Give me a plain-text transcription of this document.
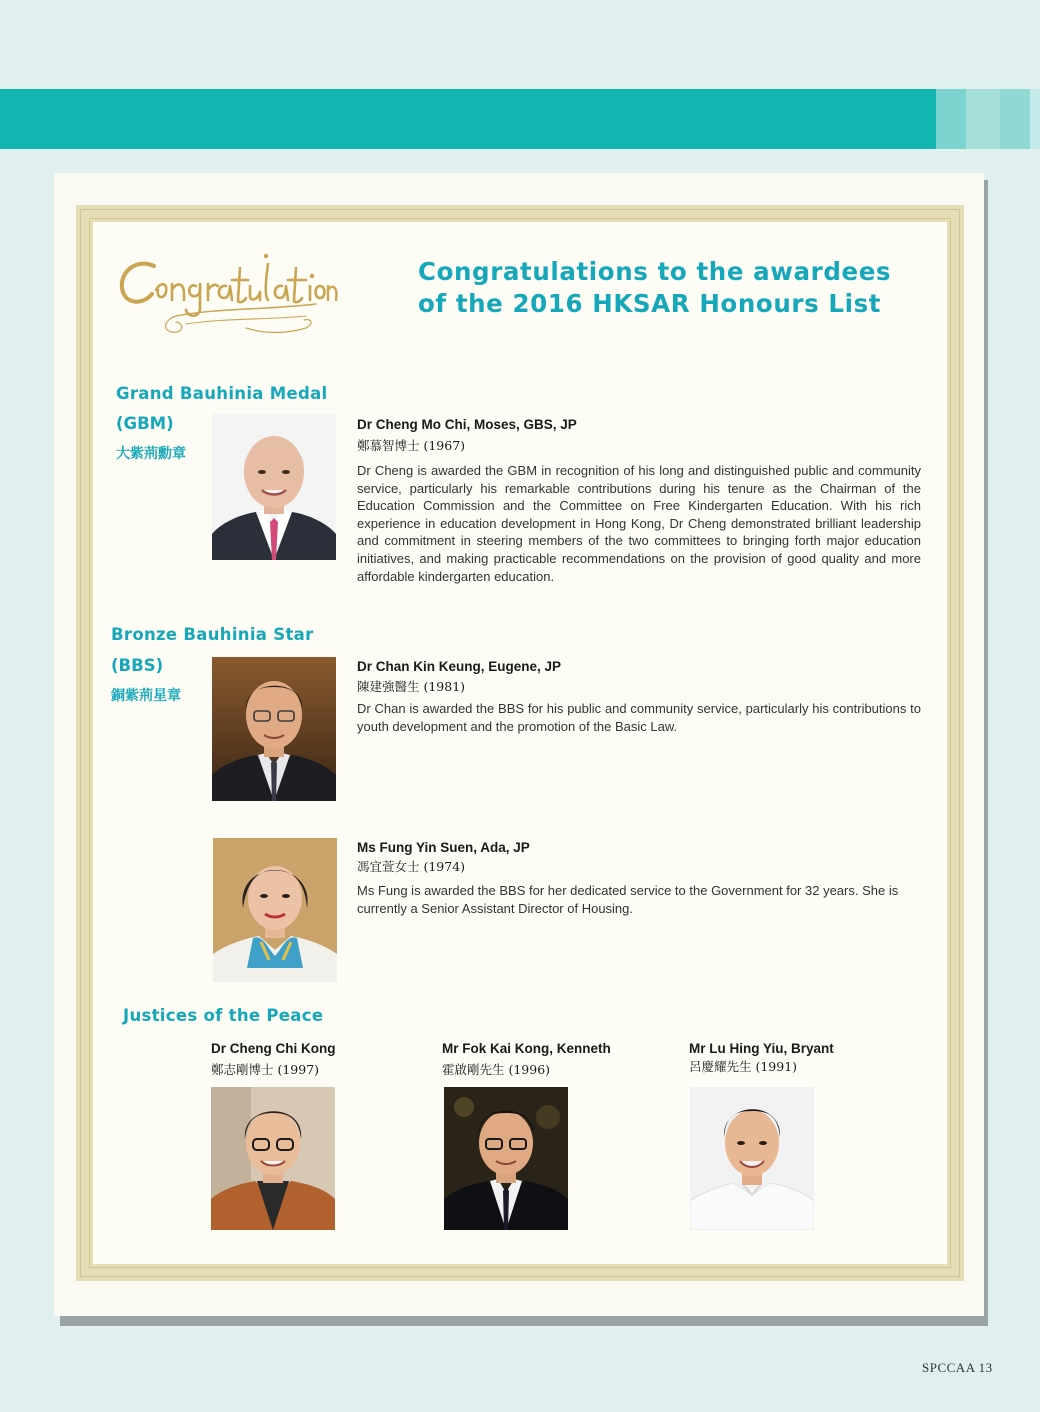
Congratulations to the awardees
of the 2016 HKSAR Honours List
Grand Bauhinia Medal
(GBM)
大紫荊勳章
Dr Cheng Mo Chi, Moses, GBS, JP
鄭慕智博士 (1967)
Dr Cheng is awarded the GBM in recognition of his long and distinguished public and community service, particularly his remarkable contributions during his tenure as the Chairman of the Education Commission and the Committee on Free Kindergarten Education. With his rich experience in education development in Hong Kong, Dr Cheng demonstrated brilliant leadership and commitment in steering members of the two committees to bringing forth major education initiatives, and making practicable recommendations on the provision of good quality and more affordable kindergarten education.
Bronze Bauhinia Star
(BBS)
銅紫荊星章
Dr Chan Kin Keung, Eugene, JP
陳建強醫生 (1981)
Dr Chan is awarded the BBS for his public and community service, particularly his contributions to youth development and the promotion of the Basic Law.
Ms Fung Yin Suen, Ada, JP
馮宜萱女士 (1974)
Ms Fung is awarded the BBS for her dedicated service to the Government for 32 years. She is currently a Senior Assistant Director of Housing.
Justices of the Peace
Dr Cheng Chi Kong
鄭志剛博士 (1997)
Mr Fok Kai Kong, Kenneth
霍啟剛先生 (1996)
Mr Lu Hing Yiu, Bryant
呂慶耀先生 (1991)
SPCCAA 13
